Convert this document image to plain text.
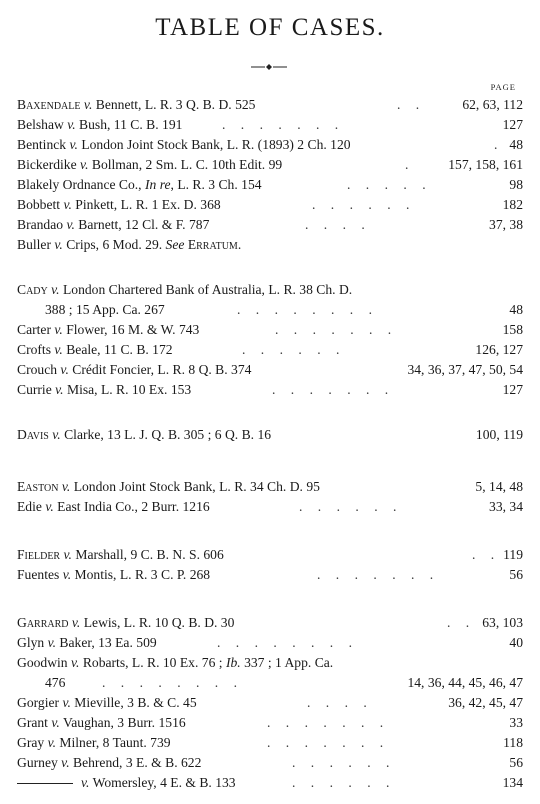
TABLE OF CASES.
PAGE
Baxendale v. Bennett, L. R. 3 Q. B. D. 525	. .	62, 63, 112
Belshaw v. Bush, 11 C. B. 191	. . . . . . .	127
Bentinck v. London Joint Stock Bank, L. R. (1893) 2 Ch. 120	. 48
Bickerdike v. Bollman, 2 Sm. L. C. 10th Edit. 99	.	157, 158, 161
Blakely Ordnance Co., In re, L. R. 3 Ch. 154	. . . . .	98
Bobbett v. Pinkett, L. R. 1 Ex. D. 368	. . . . . .	182
Brandao v. Barnett, 12 Cl. & F. 787	. . . .	37, 38
Buller v. Crips, 6 Mod. 29. See Erratum.
Cady v. London Chartered Bank of Australia, L. R. 38 Ch. D.
388 ; 15 App. Ca. 267	. . . . . . . .	48
Carter v. Flower, 16 M. & W. 743	. . . . . . .	158
Crofts v. Beale, 11 C. B. 172	. . . . . .	126, 127
Crouch v. Crédit Foncier, L. R. 8 Q. B. 374	34, 36, 37, 47, 50, 54
Currie v. Misa, L. R. 10 Ex. 153	. . . . . . .	127
Davis v. Clarke, 13 L. J. Q. B. 305 ; 6 Q. B. 16	100, 119
Easton v. London Joint Stock Bank, L. R. 34 Ch. D. 95	5, 14, 48
Edie v. East India Co., 2 Burr. 1216	. . . . . .	33, 34
Fielder v. Marshall, 9 C. B. N. S. 606	. . 119
Fuentes v. Montis, L. R. 3 C. P. 268	. . . . . . .	56
Garrard v. Lewis, L. R. 10 Q. B. D. 30	. . 63, 103
Glyn v. Baker, 13 Ea. 509	. . . . . . . .	40
Goodwin v. Robarts, L. R. 10 Ex. 76 ; Ib. 337 ; 1 App. Ca.
476	. . . . . . . .	14, 36, 44, 45, 46, 47
Gorgier v. Mieville, 3 B. & C. 45	. . . .	36, 42, 45, 47
Grant v. Vaughan, 3 Burr. 1516	. . . . . . .	33
Gray v. Milner, 8 Taunt. 739	. . . . . . .	118
Gurney v. Behrend, 3 E. & B. 622	. . . . . .	56
v. Womersley, 4 E. & B. 133	. . . . . .	134
